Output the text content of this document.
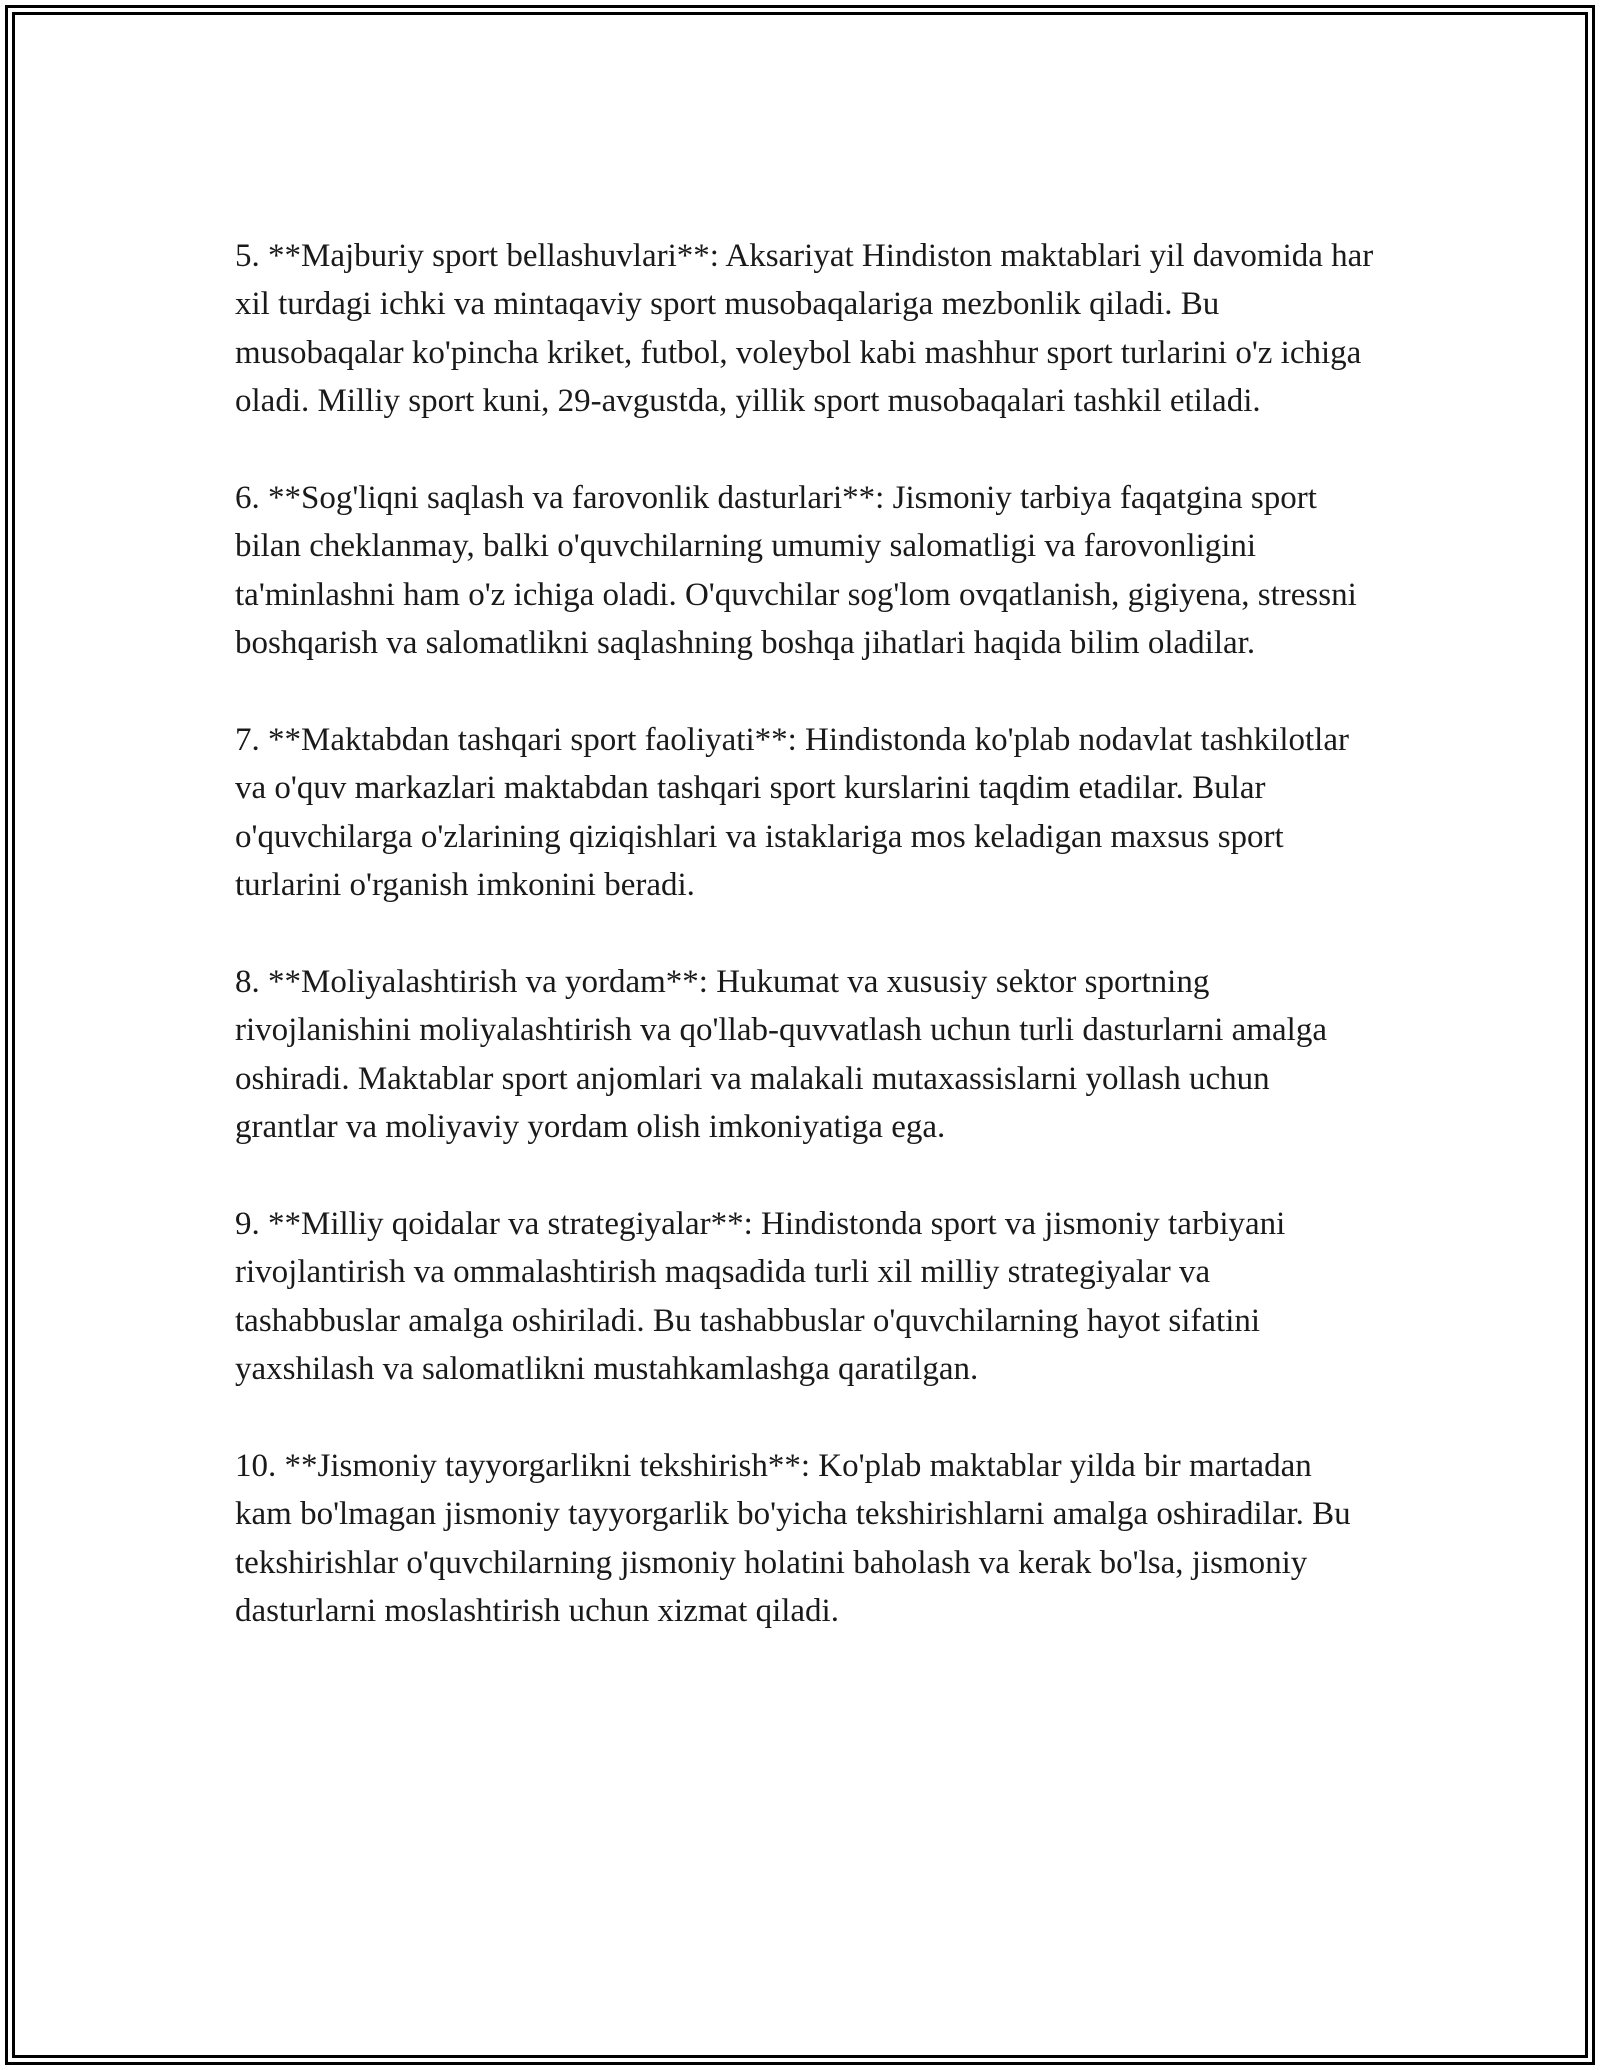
5. **Majburiy sport bellashuvlari**: Aksariyat Hindiston maktablari yil davomida har xil turdagi ichki va mintaqaviy sport musobaqalariga mezbonlik qiladi. Bu musobaqalar ko'pincha kriket, futbol, voleybol kabi mashhur sport turlarini o'z ichiga oladi. Milliy sport kuni, 29-avgustda, yillik sport musobaqalari tashkil etiladi.

6. **Sog'liqni saqlash va farovonlik dasturlari**: Jismoniy tarbiya faqatgina sport bilan cheklanmay, balki o'quvchilarning umumiy salomatligi va farovonligini ta'minlashni ham o'z ichiga oladi. O'quvchilar sog'lom ovqatlanish, gigiyena, stressni boshqarish va salomatlikni saqlashning boshqa jihatlari haqida bilim oladilar.

7. **Maktabdan tashqari sport faoliyati**: Hindistonda ko'plab nodavlat tashkilotlar va o'quv markazlari maktabdan tashqari sport kurslarini taqdim etadilar. Bular o'quvchilarga o'zlarining qiziqishlari va istaklariga mos keladigan maxsus sport turlarini o'rganish imkonini beradi.

8. **Moliyalashtirish va yordam**: Hukumat va xususiy sektor sportning rivojlanishini moliyalashtirish va qo'llab-quvvatlash uchun turli dasturlarni amalga oshiradi. Maktablar sport anjomlari va malakali mutaxassislarni yollash uchun grantlar va moliyaviy yordam olish imkoniyatiga ega.

9. **Milliy qoidalar va strategiyalar**: Hindistonda sport va jismoniy tarbiyani rivojlantirish va ommalashtirish maqsadida turli xil milliy strategiyalar va tashabbuslar amalga oshiriladi. Bu tashabbuslar o'quvchilarning hayot sifatini yaxshilash va salomatlikni mustahkamlashga qaratilgan.

10. **Jismoniy tayyorgarlikni tekshirish**: Ko'plab maktablar yilda bir martadan kam bo'lmagan jismoniy tayyorgarlik bo'yicha tekshirishlarni amalga oshiradilar. Bu tekshirishlar o'quvchilarning jismoniy holatini baholash va kerak bo'lsa, jismoniy dasturlarni moslashtirish uchun xizmat qiladi.
